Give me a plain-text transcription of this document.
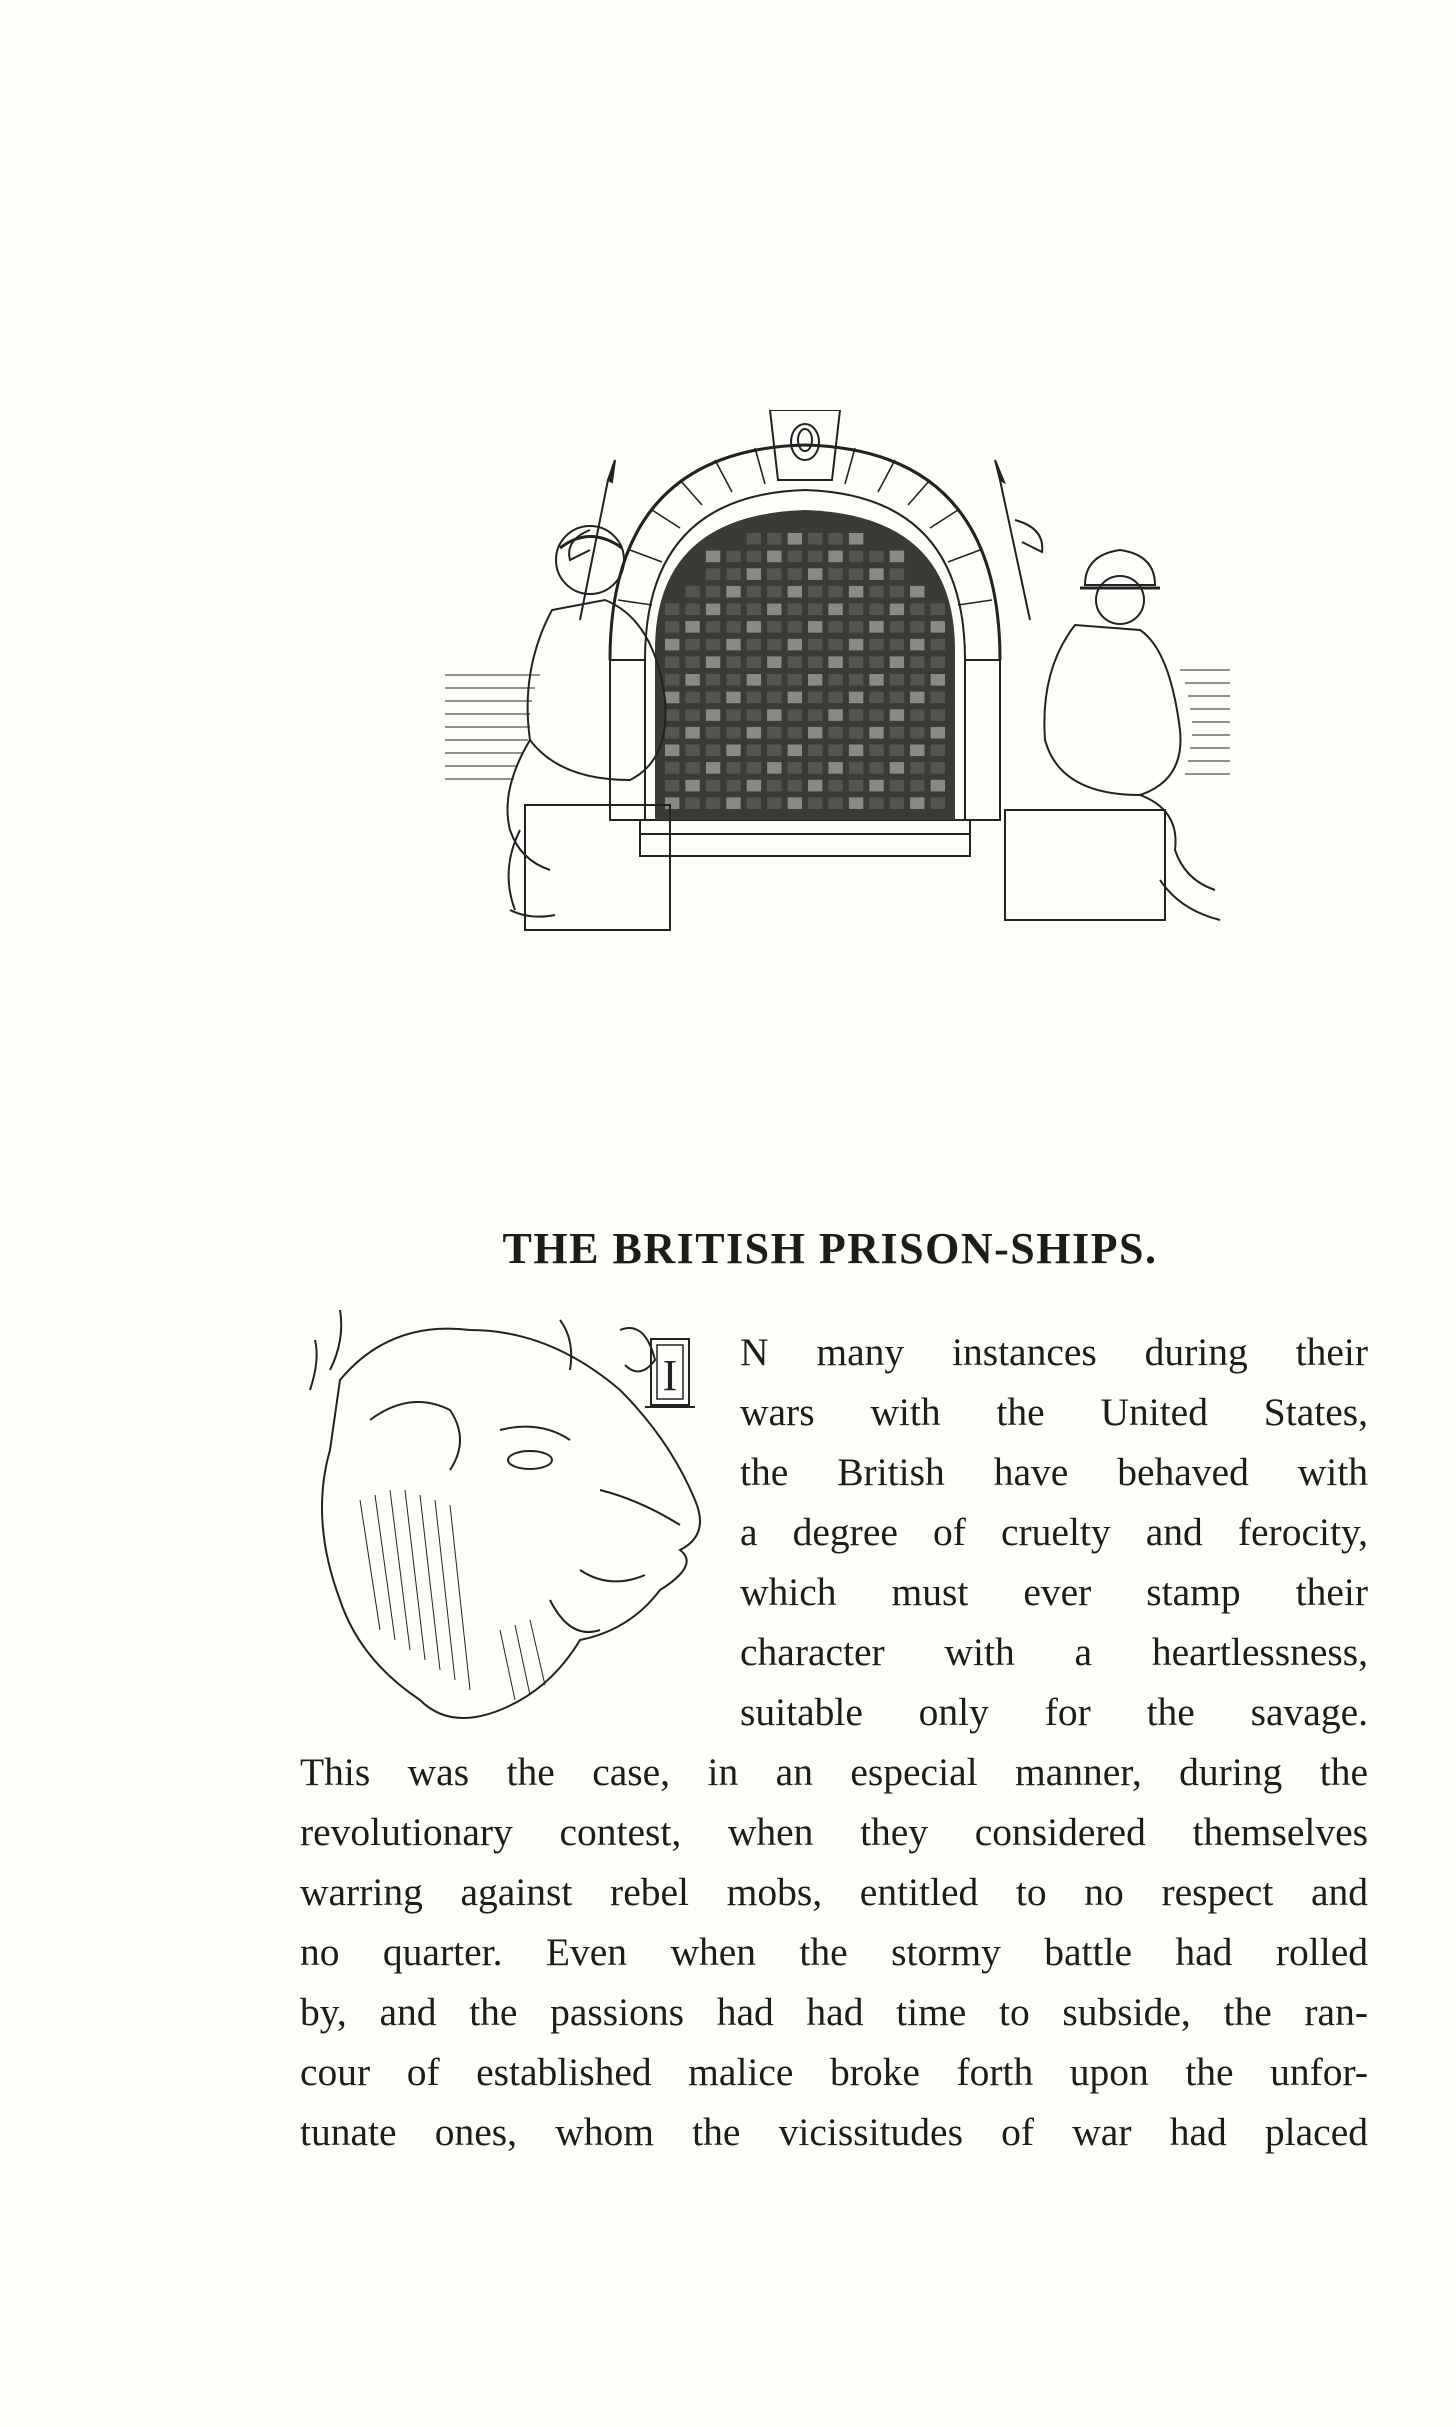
THE BRITISH PRISON-SHIPS.
I N many instances during their
wars with the United States,
the British have behaved with
a degree of cruelty and ferocity,
which must ever stamp their
character with a heartlessness,
suitable only for the savage.
This was the case, in an especial manner, during the
revolutionary contest, when they considered themselves
warring against rebel mobs, entitled to no respect and
no quarter. Even when the stormy battle had rolled
by, and the passions had had time to subside, the ran-
cour of established malice broke forth upon the unfor-
tunate ones, whom the vicissitudes of war had placed
